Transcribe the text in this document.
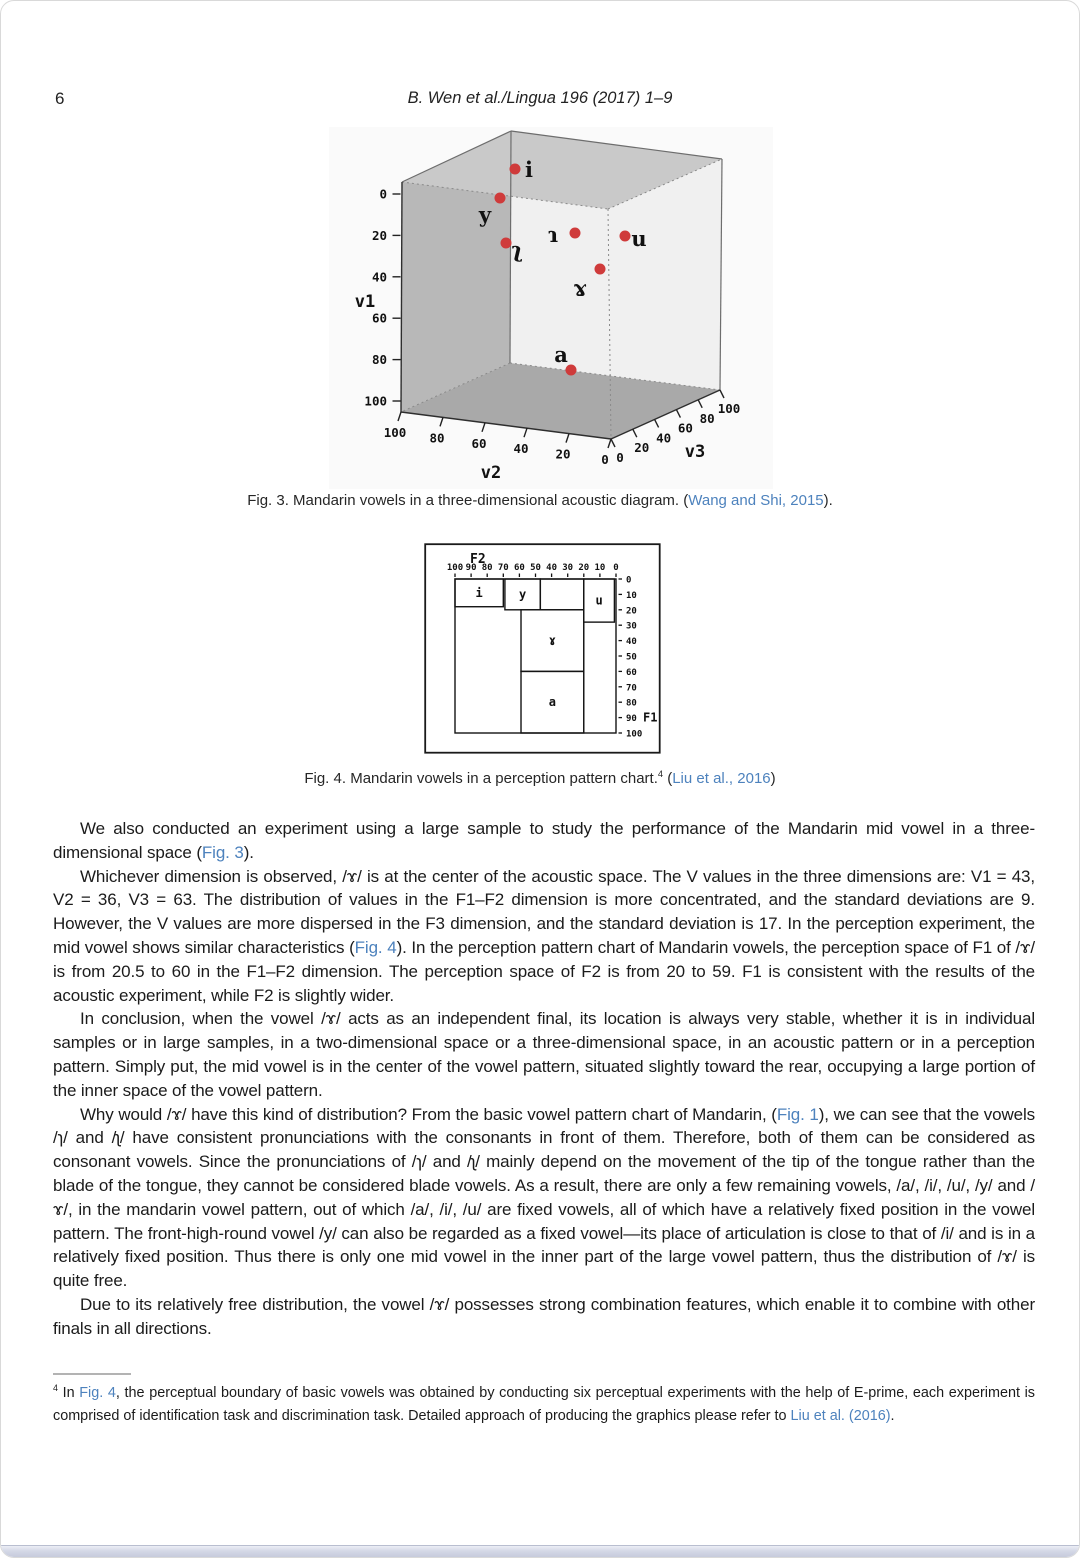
6	B. Wen et al./Lingua 196 (2017) 1–9
0
20
40
60
80
100
100 80 60 40 20 0 0
20
40
60
80
100
v1
v2
v3
i
y
ʅ
ɿ	u
ɤ
a
Fig. 3. Mandarin vowels in a three-dimensional acoustic diagram. (Wang and Shi, 2015).
F2
F1
100 90 80 70 60 50 40 30 20 10 0
0
10
20
30
40
50
60
70
80
90
100
i	y	u
ɤ
a
Fig. 4. Mandarin vowels in a perception pattern chart.$^4$ (Liu et al., 2016)

We also conducted an experiment using a large sample to study the performance of the Mandarin mid vowel in a three-dimensional space (Fig. 3).

Whichever dimension is observed, /ɤ/ is at the center of the acoustic space. The V values in the three dimensions are: V1 = 43, V2 = 36, V3 = 63. The distribution of values in the F1–F2 dimension is more concentrated, and the standard deviations are 9. However, the V values are more dispersed in the F3 dimension, and the standard deviation is 17. In the perception experiment, the mid vowel shows similar characteristics (Fig. 4). In the perception pattern chart of Mandarin vowels, the perception space of F1 of /ɤ/ is from 20.5 to 60 in the F1–F2 dimension. The perception space of F2 is from 20 to 59. F1 is consistent with the results of the acoustic experiment, while F2 is slightly wider.

In conclusion, when the vowel /ɤ/ acts as an independent final, its location is always very stable, whether it is in individual samples or in large samples, in a two-dimensional space or a three-dimensional space, in an acoustic pattern or in a perception pattern. Simply put, the mid vowel is in the center of the vowel pattern, situated slightly toward the rear, occupying a large portion of the inner space of the vowel pattern.

Why would /ɤ/ have this kind of distribution? From the basic vowel pattern chart of Mandarin, (Fig. 1), we can see that the vowels /ɿ/ and /ʅ/ have consistent pronunciations with the consonants in front of them. Therefore, both of them can be considered as consonant vowels. Since the pronunciations of /ɿ/ and /ʅ/ mainly depend on the movement of the tip of the tongue rather than the blade of the tongue, they cannot be considered blade vowels. As a result, there are only a few remaining vowels, /a/, /i/, /u/, /y/ and /ɤ/, in the mandarin vowel pattern, out of which /a/, /i/, /u/ are fixed vowels, all of which have a relatively fixed position in the vowel pattern. The front-high-round vowel /y/ can also be regarded as a fixed vowel—its place of articulation is close to that of /i/ and is in a relatively fixed position. Thus there is only one mid vowel in the inner part of the large vowel pattern, thus the distribution of /ɤ/ is quite free.

Due to its relatively free distribution, the vowel /ɤ/ possesses strong combination features, which enable it to combine with other finals in all directions.

$^4$ In Fig. 4, the perceptual boundary of basic vowels was obtained by conducting six perceptual experiments with the help of E-prime, each experiment is comprised of identification task and discrimination task. Detailed approach of producing the graphics please refer to Liu et al. (2016).
